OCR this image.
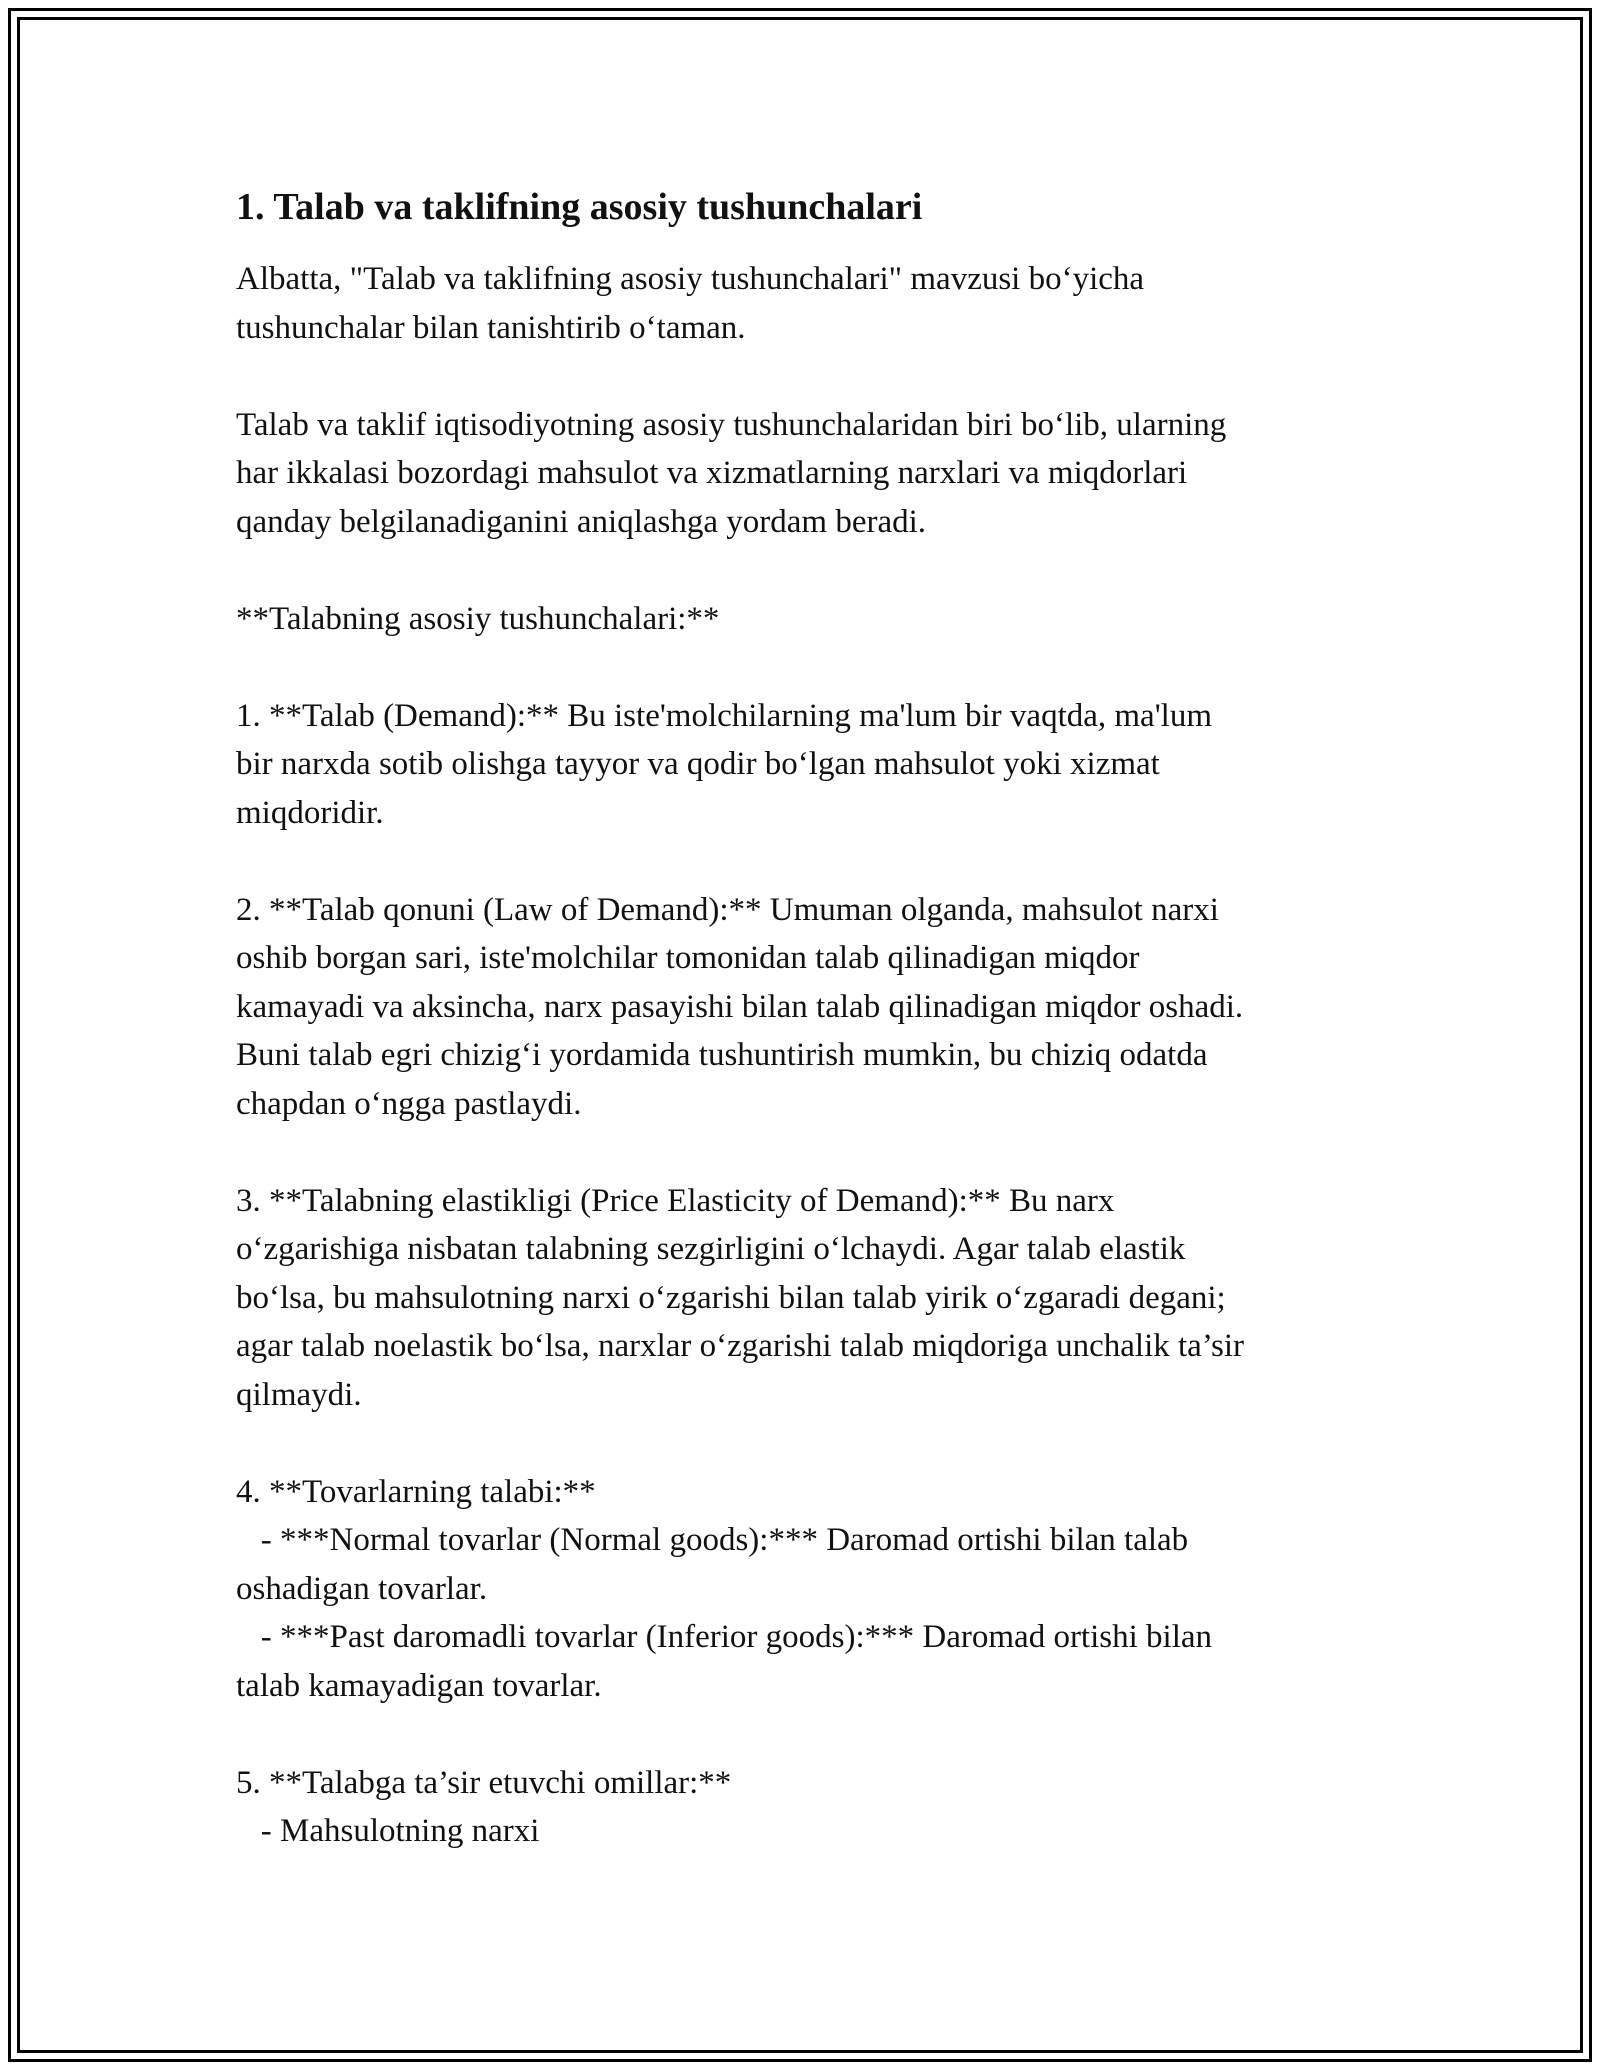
1. Talab va taklifning asosiy tushunchalari
Albatta, "Talab va taklifning asosiy tushunchalari" mavzusi bo‘yicha
tushunchalar bilan tanishtirib o‘taman.
Talab va taklif iqtisodiyotning asosiy tushunchalaridan biri bo‘lib, ularning
har ikkalasi bozordagi mahsulot va xizmatlarning narxlari va miqdorlari
qanday belgilanadiganini aniqlashga yordam beradi.
**Talabning asosiy tushunchalari:**
1. **Talab (Demand):** Bu iste'molchilarning ma'lum bir vaqtda, ma'lum
bir narxda sotib olishga tayyor va qodir bo‘lgan mahsulot yoki xizmat
miqdoridir.
2. **Talab qonuni (Law of Demand):** Umuman olganda, mahsulot narxi
oshib borgan sari, iste'molchilar tomonidan talab qilinadigan miqdor
kamayadi va aksincha, narx pasayishi bilan talab qilinadigan miqdor oshadi.
Buni talab egri chizig‘i yordamida tushuntirish mumkin, bu chiziq odatda
chapdan o‘ngga pastlaydi.
3. **Talabning elastikligi (Price Elasticity of Demand):** Bu narx
o‘zgarishiga nisbatan talabning sezgirligini o‘lchaydi. Agar talab elastik
bo‘lsa, bu mahsulotning narxi o‘zgarishi bilan talab yirik o‘zgaradi degani;
agar talab noelastik bo‘lsa, narxlar o‘zgarishi talab miqdoriga unchalik ta’sir
qilmaydi.
4. **Tovarlarning talabi:**
- ***Normal tovarlar (Normal goods):*** Daromad ortishi bilan talab
oshadigan tovarlar.
- ***Past daromadli tovarlar (Inferior goods):*** Daromad ortishi bilan
talab kamayadigan tovarlar.
5. **Talabga ta’sir etuvchi omillar:**
- Mahsulotning narxi
